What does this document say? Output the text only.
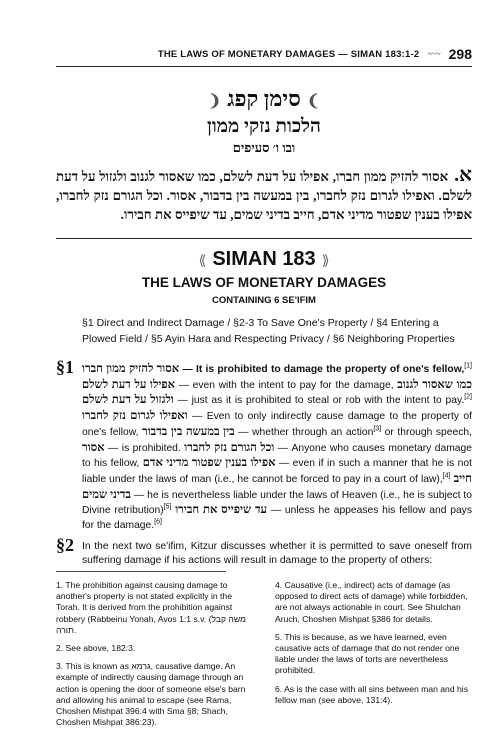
THE LAWS OF MONETARY DAMAGES — SIMAN 183:1-2 ~∙~ 298
❩סימן קפג❨
הלכות נזקי ממון
ובו ו׳ סעיפים
א.אסור להזיק ממון חברו, אפילו על דעת לשלם, כמו שאסור לגנוב ולגזול על דעת לשלם. ואפילו לגרום נזק לחברו, בין במעשה בין בדבור, אסור. וכל הגורם נזק לחברו, אפילו בענין שפטור מדיני אדם, חייב בדיני שמים, עד שיפייס את חבירו.
⟪ SIMAN 183 ⟫
THE LAWS OF MONETARY DAMAGES
CONTAINING 6 SE'IFIM
§1 Direct and Indirect Damage / §2-3 To Save One's Property / §4 Entering a Plowed Field / §5 Ayin Hara and Respecting Privacy / §6 Neighboring Properties
§1 אסור להזיק ממון חברו — It is prohibited to damage the property of one's fellow,[1] אפילו על דעת לשלם — even with the intent to pay for the damage, כמו שאסור לגנוב ולגזול על דעת לשלם — just as it is prohibited to steal or rob with the intent to pay.[2] ואפילו לגרום נזק לחברו — Even to only indirectly cause damage to the property of one's fellow, בין במעשה בין בדבור — whether through an action[3] or through speech, אסור — is prohibited. וכל הגורם נזק לחברו — Anyone who causes monetary damage to his fellow, אפילו בענין שפטור מדיני אדם — even if in such a manner that he is not liable under the laws of man (i.e., he cannot be forced to pay in a court of law),[4] חייב בדיני שמים — he is nevertheless liable under the laws of Heaven (i.e., he is subject to Divine retribution)[5] עד שיפייס את חבירו — unless he appeases his fellow and pays for the damage.[6]
§2 In the next two se'ifim, Kitzur discusses whether it is permitted to save oneself from suffering damage if his actions will result in damage to the property of others:
1. The prohibition against causing damage to another's property is not stated explicitly in the Torah. It is derived from the prohibition against robbery (Rabbeinu Yonah, Avos 1:1 s.v. (משה קבל תורה.
2. See above, 182:3.
3. This is known as גרמא, causative damge. An example of indirectly causing damage through an action is opening the door of someone else's barn and allowing his animal to escape (see Rama, Choshen Mishpat 396:4 with Sma §8; Shach, Choshen Mishpat 386:23).
4. Causative (i.e., indirect) acts of damage (as opposed to direct acts of damage) while forbidden, are not always actionable in court. See Shulchan Aruch, Choshen Mishpat §386 for details.
5. This is because, as we have learned, even causative acts of damage that do not render one liable under the laws of torts are nevertheless prohibited.
6. As is the case with all sins between man and his fellow man (see above, 131:4).
